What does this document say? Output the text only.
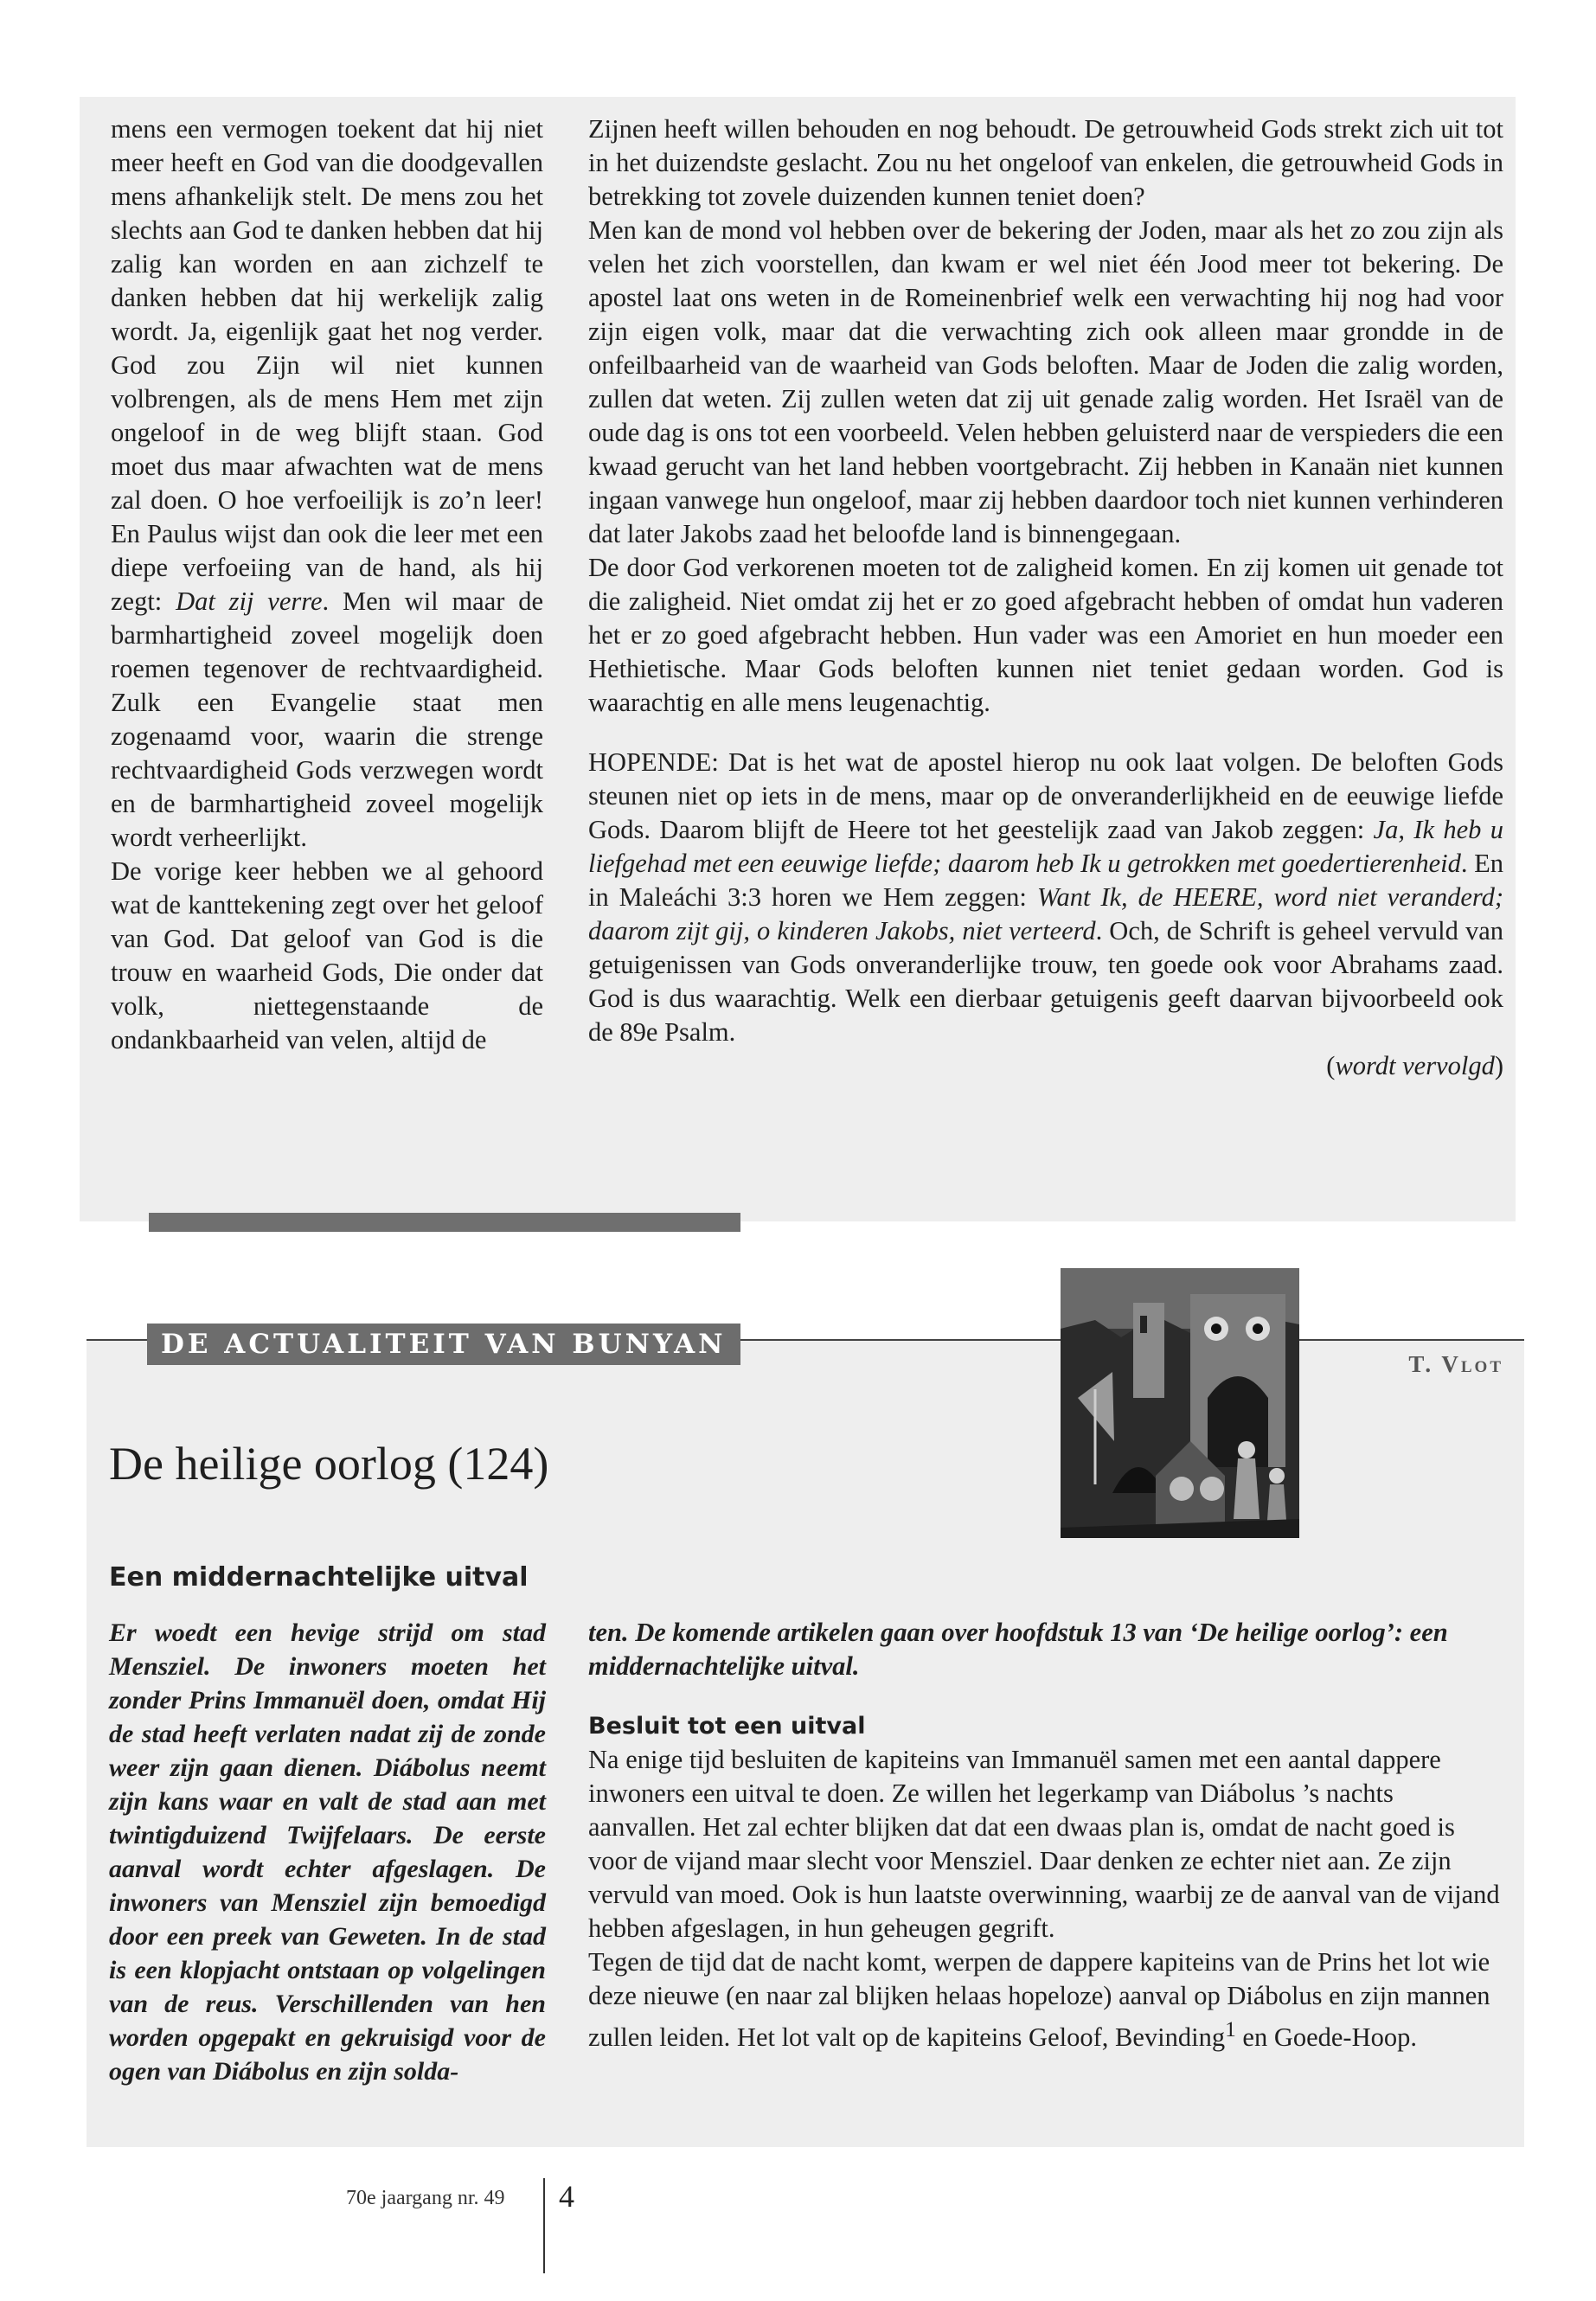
mens een vermogen toekent dat hij niet meer heeft en God van die doodgevallen mens afhankelijk stelt. De mens zou het slechts aan God te danken hebben dat hij zalig kan worden en aan zichzelf te danken hebben dat hij werkelijk zalig wordt. Ja, eigenlijk gaat het nog verder. God zou Zijn wil niet kunnen volbrengen, als de mens Hem met zijn ongeloof in de weg blijft staan. God moet dus maar afwachten wat de mens zal doen. O hoe verfoeilijk is zo’n leer! En Paulus wijst dan ook die leer met een diepe verfoeiing van de hand, als hij zegt: Dat zij verre. Men wil maar de barmhartigheid zoveel mogelijk doen roemen tegenover de rechtvaardigheid. Zulk een Evangelie staat men zogenaamd voor, waarin die strenge rechtvaardigheid Gods verzwegen wordt en de barmhartigheid zoveel mogelijk wordt verheerlijkt.

De vorige keer hebben we al gehoord wat de kanttekening zegt over het geloof van God. Dat geloof van God is die trouw en waarheid Gods, Die onder dat volk, niettegenstaande de ondankbaarheid van velen, altijd de

Zijnen heeft willen behouden en nog behoudt. De getrouwheid Gods strekt zich uit tot in het duizendste geslacht. Zou nu het ongeloof van enkelen, die getrouwheid Gods in betrekking tot zovele duizenden kunnen teniet doen?

Men kan de mond vol hebben over de bekering der Joden, maar als het zo zou zijn als velen het zich voorstellen, dan kwam er wel niet één Jood meer tot bekering. De apostel laat ons weten in de Romeinenbrief welk een verwachting hij nog had voor zijn eigen volk, maar dat die verwachting zich ook alleen maar grondde in de onfeilbaarheid van de waarheid van Gods beloften. Maar de Joden die zalig worden, zullen dat weten. Zij zullen weten dat zij uit genade zalig worden. Het Israël van de oude dag is ons tot een voorbeeld. Velen hebben geluisterd naar de verspieders die een kwaad gerucht van het land hebben voortgebracht. Zij hebben in Kanaän niet kunnen ingaan vanwege hun ongeloof, maar zij hebben daardoor toch niet kunnen verhinderen dat later Jakobs zaad het beloofde land is binnengegaan.

De door God verkorenen moeten tot de zaligheid komen. En zij komen uit genade tot die zaligheid. Niet omdat zij het er zo goed afgebracht hebben of omdat hun vaderen het er zo goed afgebracht hebben. Hun vader was een Amoriet en hun moeder een Hethietische. Maar Gods beloften kunnen niet teniet gedaan worden. God is waarachtig en alle mens leugenachtig.

HOPENDE: Dat is het wat de apostel hierop nu ook laat volgen. De beloften Gods steunen niet op iets in de mens, maar op de onveranderlijkheid en de eeuwige liefde Gods. Daarom blijft de Heere tot het geestelijk zaad van Jakob zeggen: Ja, Ik heb u liefgehad met een eeuwige liefde; daarom heb Ik u getrokken met goedertierenheid. En in Maleáchi 3:3 horen we Hem zeggen: Want Ik, de HEERE, word niet veranderd; daarom zijt gij, o kinderen Jakobs, niet verteerd. Och, de Schrift is geheel vervuld van getuigenissen van Gods onveranderlijke trouw, ten goede ook voor Abrahams zaad. God is dus waarachtig. Welk een dierbaar getuigenis geeft daarvan bijvoorbeeld ook de 89e Psalm.

(wordt vervolgd)

DE ACTUALITEIT VAN BUNYAN
T. Vlot
De heilige oorlog (124)
Een middernachtelijke uitval

Er woedt een hevige strijd om stad Mensziel. De inwoners moeten het zonder Prins Immanuël doen, omdat Hij de stad heeft verlaten nadat zij de zonde weer zijn gaan dienen. Diábolus neemt zijn kans waar en valt de stad aan met twintigduizend Twijfelaars. De eerste aanval wordt echter afgeslagen. De inwoners van Mensziel zijn bemoedigd door een preek van Geweten. In de stad is een klopjacht ontstaan op volgelingen van de reus. Verschillenden van hen worden opgepakt en gekruisigd voor de ogen van Diábolus en zijn solda-

ten. De komende artikelen gaan over hoofdstuk 13 van ‘De heilige oorlog’: een middernachtelijke uitval.

Besluit tot een uitval

Na enige tijd besluiten de kapiteins van Immanuël samen met een aantal dappere inwoners een uitval te doen. Ze willen het legerkamp van Diábolus ’s nachts aanvallen. Het zal echter blijken dat dat een dwaas plan is, omdat de nacht goed is voor de vijand maar slecht voor Mensziel. Daar denken ze echter niet aan. Ze zijn vervuld van moed. Ook is hun laatste overwinning, waarbij ze de aanval van de vijand hebben afgeslagen, in hun geheugen gegrift.

Tegen de tijd dat de nacht komt, werpen de dappere kapiteins van de Prins het lot wie deze nieuwe (en naar zal blijken helaas hopeloze) aanval op Diábolus en zijn mannen zullen leiden. Het lot valt op de kapiteins Geloof, Bevinding$^1$ en Goede-Hoop.

70e jaargang nr. 49 4
